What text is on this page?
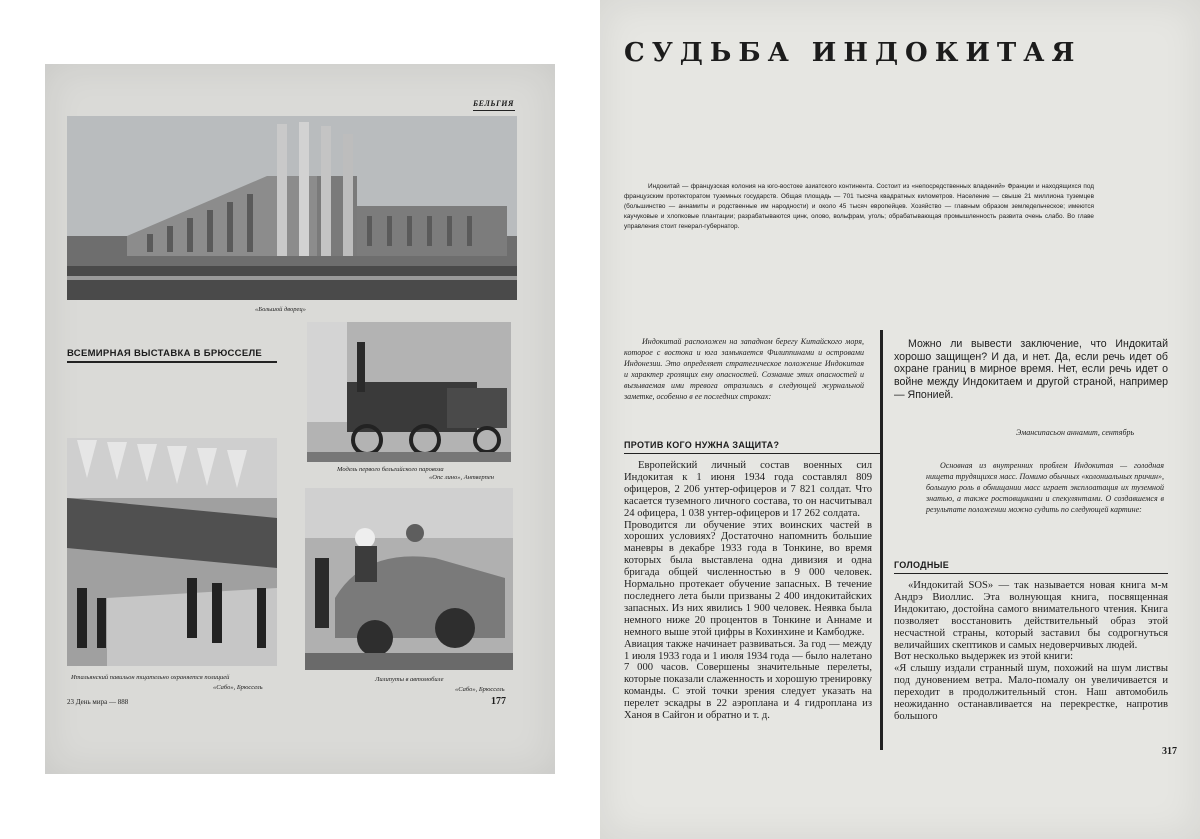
БЕЛЬГИЯ
«Большой дворец»
ВСЕМИРНАЯ ВЫСТАВКА В БРЮССЕЛЕ
Модель первого бельгийского паровоза
«Опс лино», Антверпен
Итальянский павильон тщательно охраняется полицией
«Сабо», Брюссель
Лилипуты в автомобиле
«Сабо», Брюссель
23 День мира — 888	177
СУДЬБА ИНДОКИТАЯ
Индокитай — французская колония на юго-востоке азиатского континента. Состоит из «непосредственных владений» Франции и находящихся под французским протекторатом туземных государств. Общая площадь — 701 тысяча квадратных километров. Население — свыше 21 миллиона туземцев (большинство — аннамиты и родственные им народности) и около 45 тысяч европейцев. Хозяйство — главным образом земледельческое; имеются каучуковые и хлопковые плантации; разрабатываются цинк, олово, вольфрам, уголь; обрабатывающая промышленность развита очень слабо. Во главе управления стоит генерал-губернатор.
Индокитай расположен на западном берегу Китайского моря, которое с востока и юга замыкается Филиппинами и островами Индонезии. Это определяет стратегическое положение Индокитая и характер грозящих ему опасностей. Сознание этих опасностей и вызываемая ими тревога отразились в следующей журнальной заметке, особенно в ее последних строках:
ПРОТИВ КОГО НУЖНА ЗАЩИТА?
Европейский личный состав военных сил Индокитая к 1 июня 1934 года составлял 809 офицеров, 2 206 унтер-офицеров и 7 821 солдат. Что касается туземного личного состава, то он насчитывал 24 офицера, 1 038 унтер-офицеров и 17 262 солдата.
Проводится ли обучение этих воинских частей в хороших условиях? Достаточно напомнить большие маневры в декабре 1933 года в Тонкине, во время которых была выставлена одна дивизия и одна бригада общей численностью в 9 000 человек. Нормально протекает обучение запасных. В течение последнего лета были призваны 2 400 индокитайских запасных. Из них явились 1 900 человек. Неявка была немного ниже 20 процентов в Тонкине и Аннаме и немного выше этой цифры в Кохинхине и Камбодже.
Авиация также начинает развиваться. За год — между 1 июля 1933 года и 1 июля 1934 года — было налетано 7 000 часов. Совершены значительные перелеты, которые показали слаженность и хорошую тренировку команды. С этой точки зрения следует указать на перелет эскадры в 22 аэроплана и 4 гидроплана из Ханоя в Сайгон и обратно и т. д.
Можно ли вывести заключение, что Индокитай хорошо защищен? И да, и нет. Да, если речь идет об охране границ в мирное время. Нет, если речь идет о войне между Индокитаем и другой страной, например — Японией.
Эмансипасьон аннамит, сентябрь
Основная из внутренних проблем Индокитая — голодная нищета трудящихся масс. Помимо обычных «колониальных причин», большую роль в обнищании масс играет эксплоатация их туземной знатью, а также ростовщиками и спекулянтами. О создавшемся в результате положении можно судить по следующей картине:
ГОЛОДНЫЕ
«Индокитай SOS» — так называется новая книга м-м Андрэ Виоллис. Эта волнующая книга, посвященная Индокитаю, достойна самого внимательного чтения. Книга позволяет восстановить действительный образ этой несчастной страны, который заставил бы содрогнуться величайших скептиков и самых недоверчивых людей.
Вот несколько выдержек из этой книги:
«Я слышу издали странный шум, похожий на шум листвы под дуновением ветра. Мало-помалу он увеличивается и переходит в продолжительный стон. Наш автомобиль неожиданно останавливается на перекрестке, напротив большого
317
